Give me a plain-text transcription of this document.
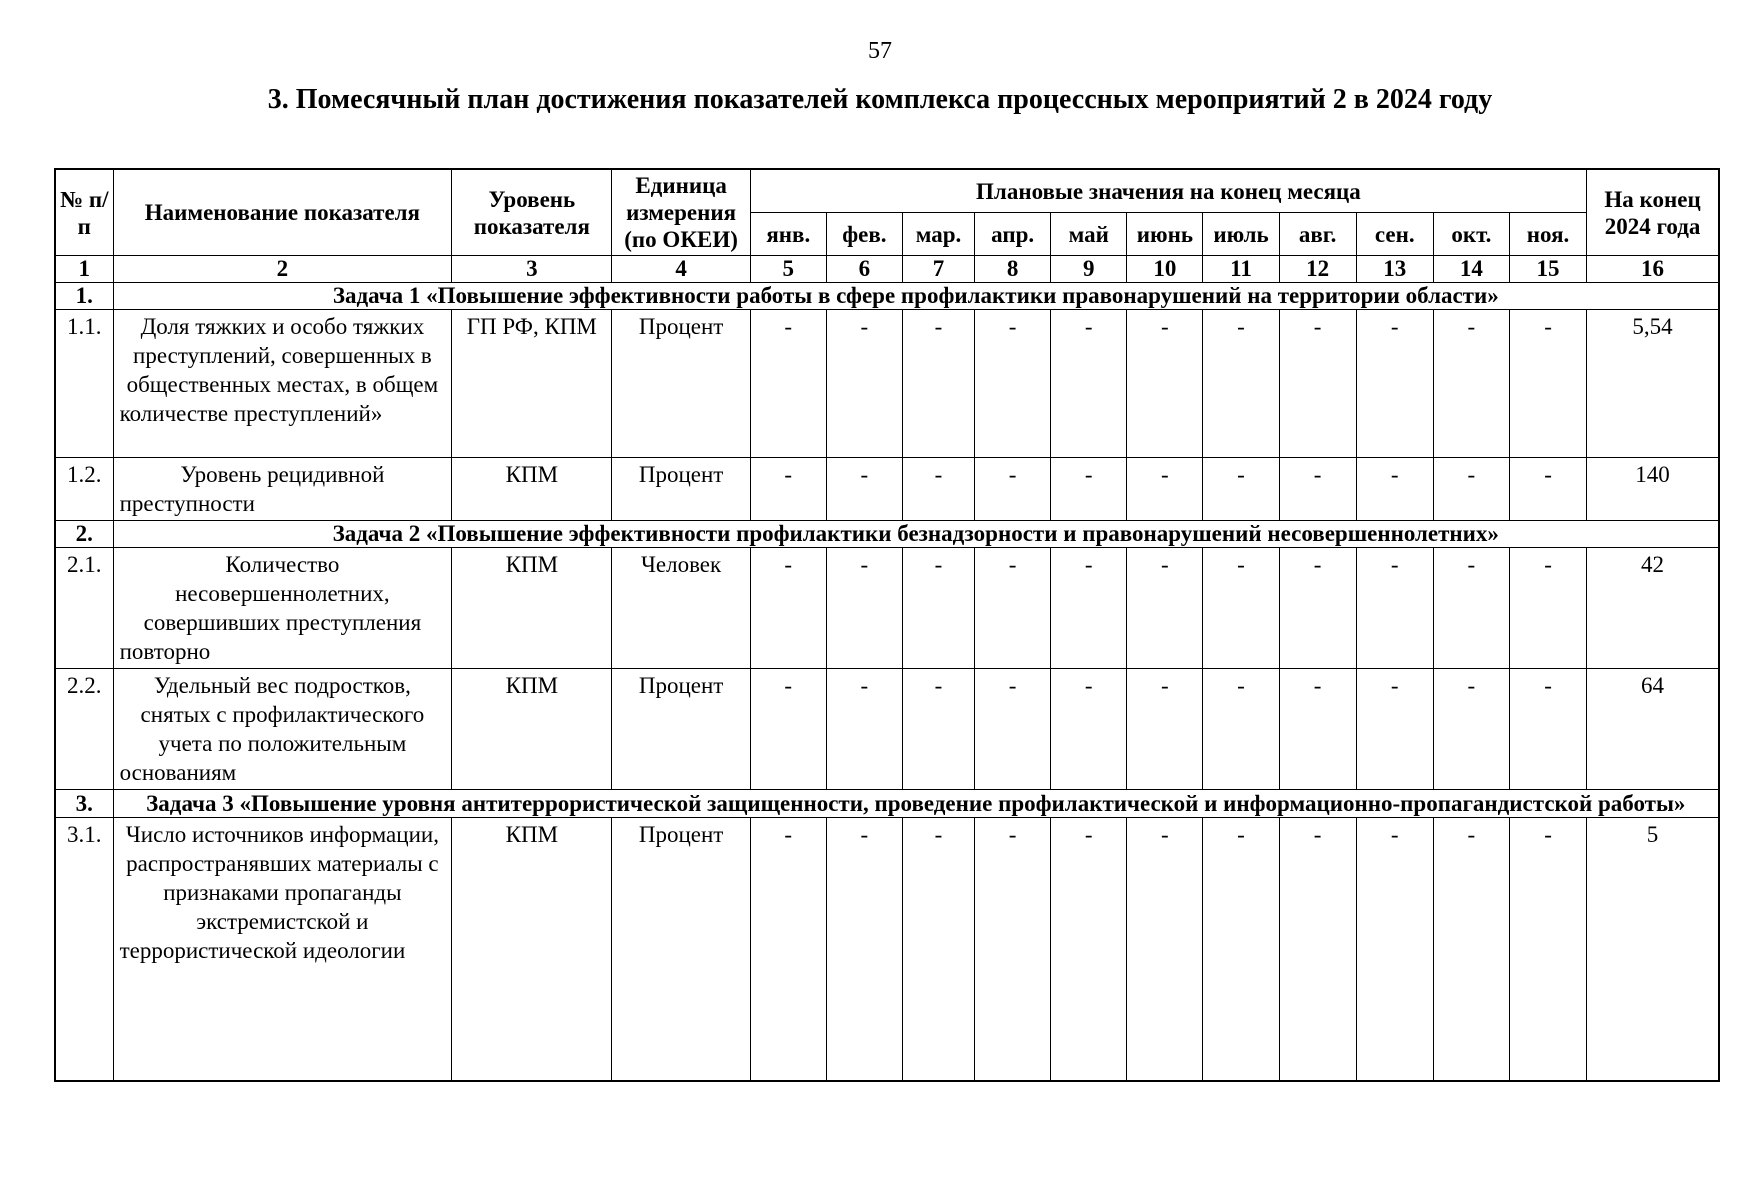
57
3. Помесячный план достижения показателей комплекса процессных мероприятий 2 в 2024 году
№ п/п	Наименование показателя	Уровень показателя	Единица измерения (по ОКЕИ)	Плановые значения на конец месяца											На конец 2024 года
				янв.	фев.	мар.	апр.	май	июнь	июль	авг.	сен.	окт.	ноя.	
1	2	3	4	5	6	7	8	9	10	11	12	13	14	15	16
1.	Задача 1 «Повышение эффективности работы в сфере профилактики правонарушений на территории области»														
1.1.	Доля тяжких и особо тяжких преступлений, совершенных в общественных местах, в общем количестве преступлений»	ГП РФ, КПМ	Процент	-	-	-	-	-	-	-	-	-	-	-	5,54
1.2.	Уровень рецидивной преступности	КПМ	Процент	-	-	-	-	-	-	-	-	-	-	-	140
2.	Задача 2 «Повышение эффективности профилактики безнадзорности и правонарушений несовершеннолетних»														
2.1.	Количество несовершеннолетних, совершивших преступления повторно	КПМ	Человек	-	-	-	-	-	-	-	-	-	-	-	42
2.2.	Удельный вес подростков, снятых с профилактического учета по положительным основаниям	КПМ	Процент	-	-	-	-	-	-	-	-	-	-	-	64
3.	Задача 3 «Повышение уровня антитеррористической защищенности, проведение профилактической и информационно-пропагандистской работы»														
3.1.	Число источников информации, распространявших материалы с признаками пропаганды экстремистской и террористической идеологии	КПМ	Процент	-	-	-	-	-	-	-	-	-	-	-	5
